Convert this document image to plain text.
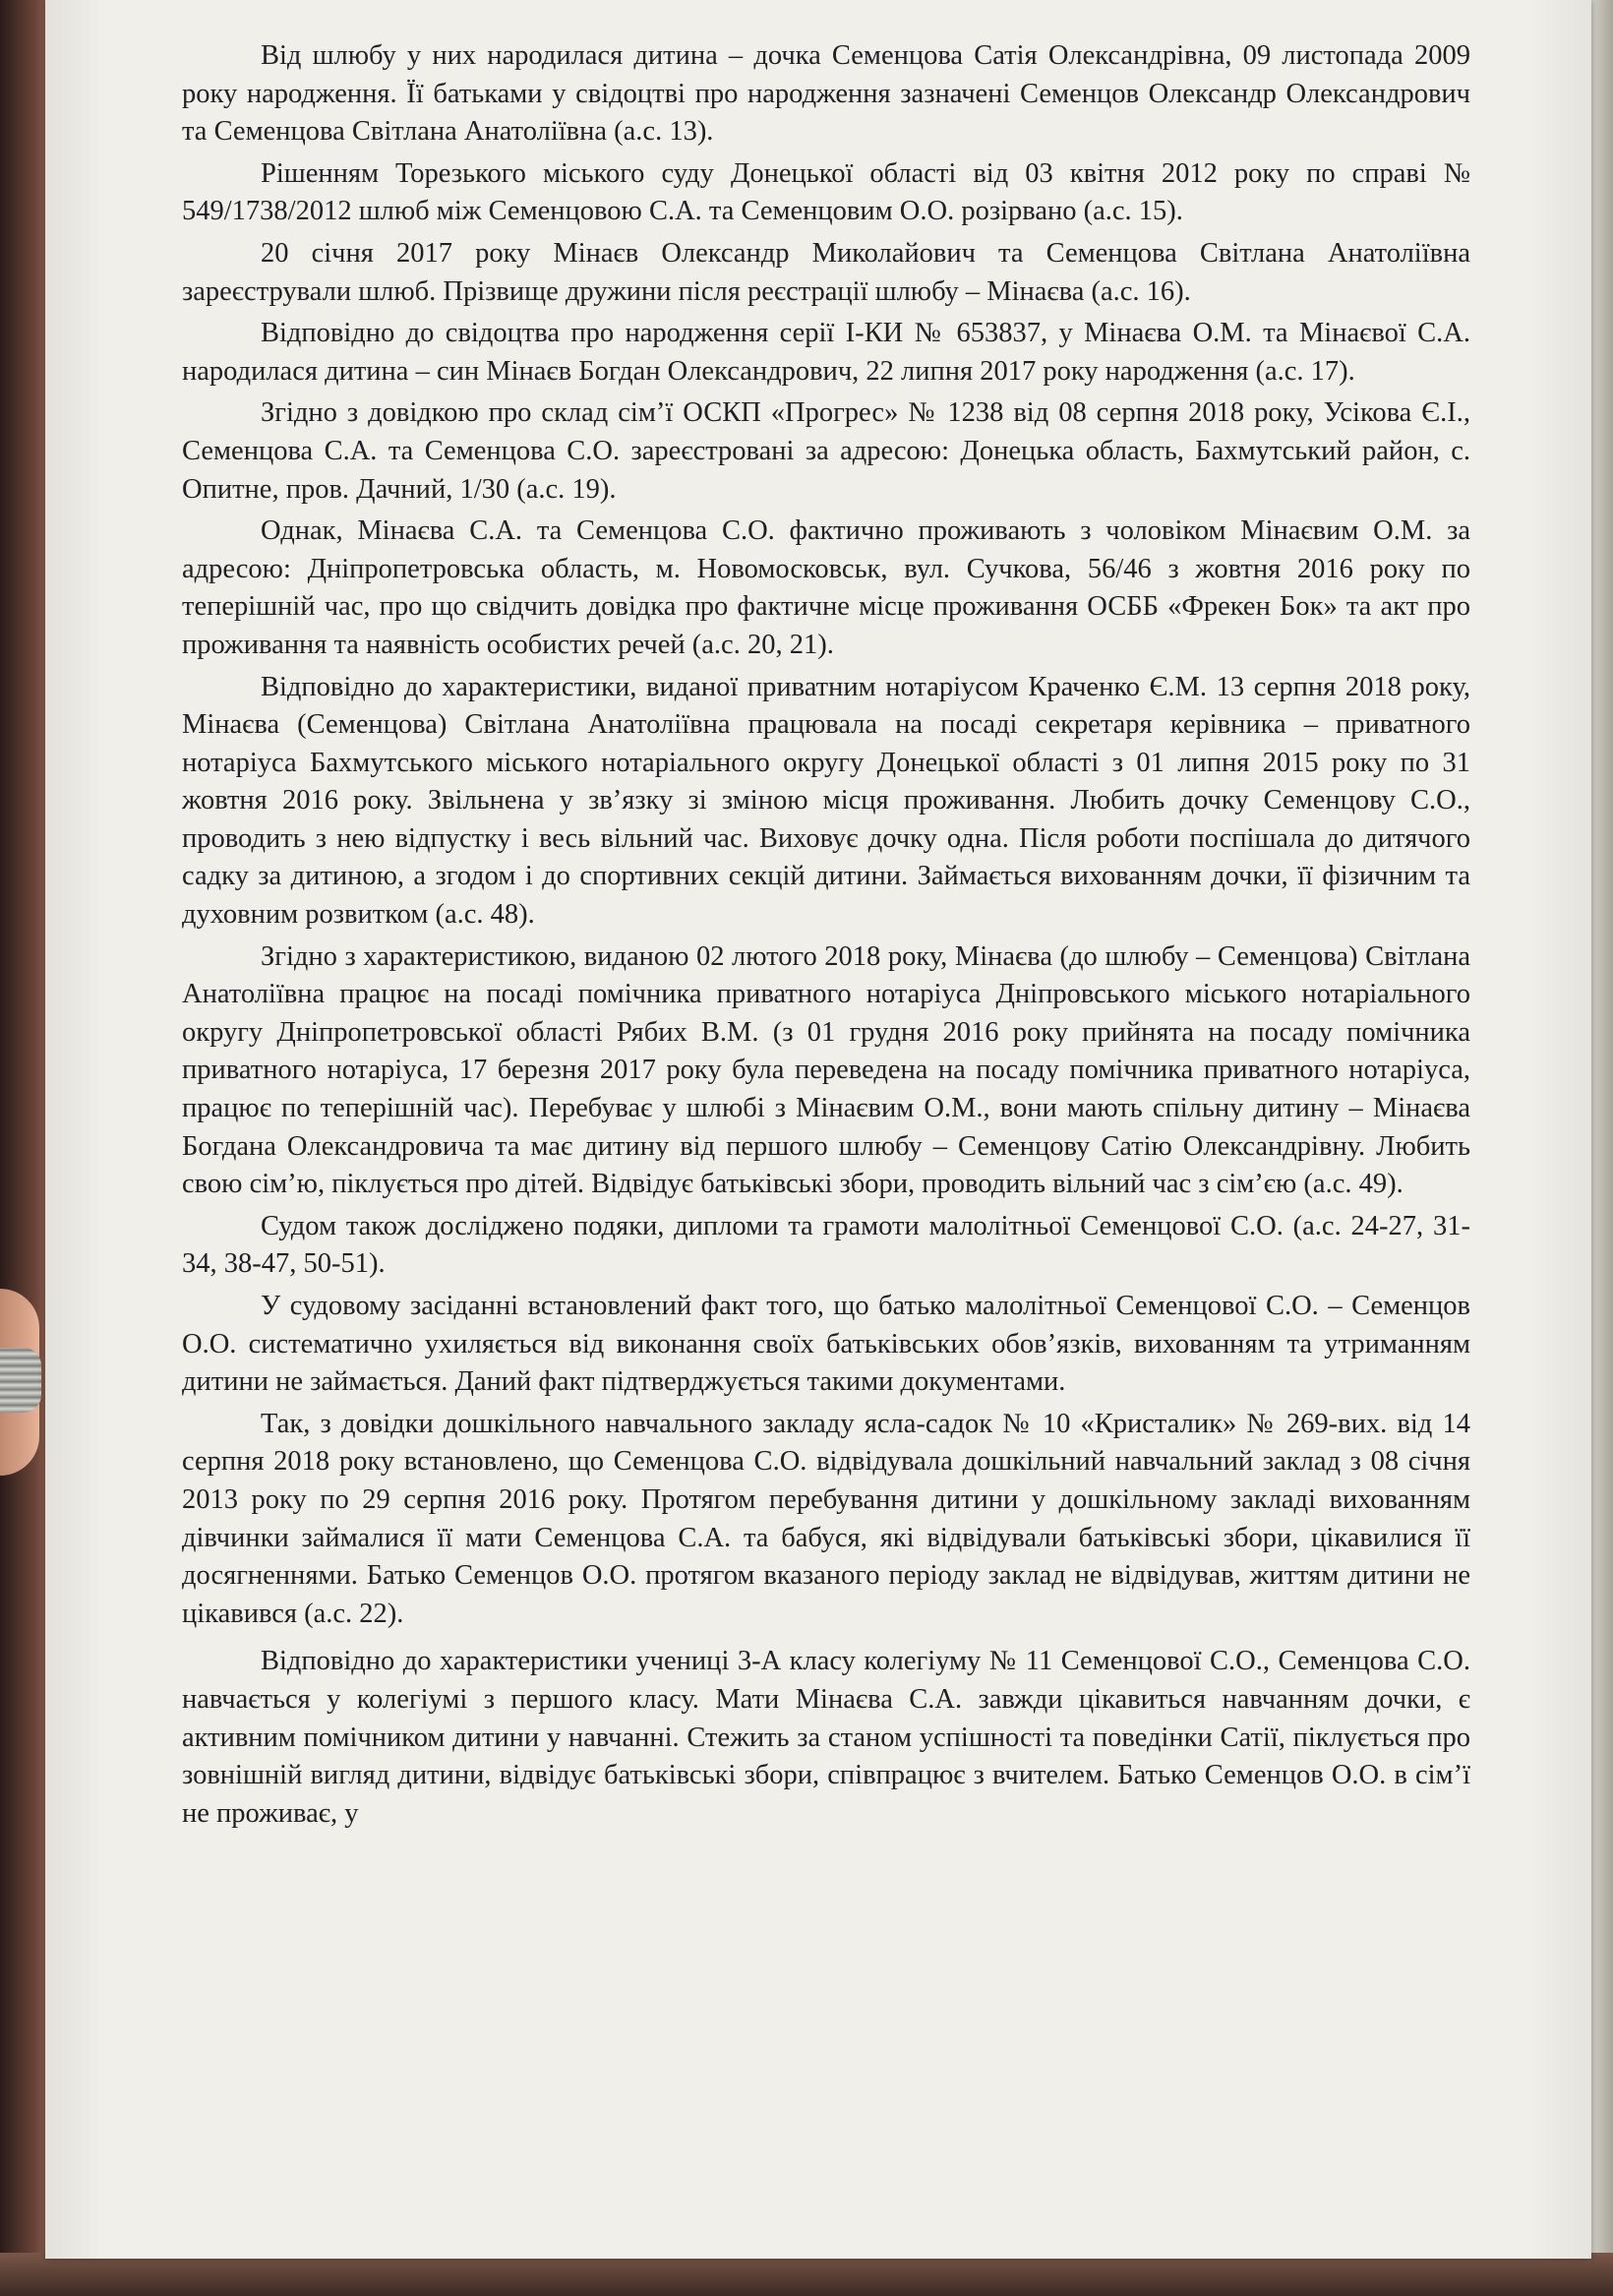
Від шлюбу у них народилася дитина – дочка Семенцова Сатія Олександрівна, 09 листопада 2009 року народження. Її батьками у свідоцтві про народження зазначені Семенцов Олександр Олександрович та Семенцова Світлана Анатоліївна (а.с. 13).

Рішенням Торезького міського суду Донецької області від 03 квітня 2012 року по справі № 549/1738/2012 шлюб між Семенцовою С.А. та Семенцовим О.О. розірвано (а.с. 15).

20 січня 2017 року Мінаєв Олександр Миколайович та Семенцова Світлана Анатоліївна зареєстрували шлюб. Прізвище дружини після реєстрації шлюбу – Мінаєва (а.с. 16).

Відповідно до свідоцтва про народження серії І-КИ № 653837, у Мінаєва О.М. та Мінаєвої С.А. народилася дитина – син Мінаєв Богдан Олександрович, 22 липня 2017 року народження (а.с. 17).

Згідно з довідкою про склад сім’ї ОСКП «Прогрес» № 1238 від 08 серпня 2018 року, Усікова Є.І., Семенцова С.А. та Семенцова С.О. зареєстровані за адресою: Донецька область, Бахмутський район, с. Опитне, пров. Дачний, 1/30 (а.с. 19).

Однак, Мінаєва С.А. та Семенцова С.О. фактично проживають з чоловіком Мінаєвим О.М. за адресою: Дніпропетровська область, м. Новомосковськ, вул. Сучкова, 56/46 з жовтня 2016 року по теперішній час, про що свідчить довідка про фактичне місце проживання ОСББ «Фрекен Бок» та акт про проживання та наявність особистих речей (а.с. 20, 21).

Відповідно до характеристики, виданої приватним нотаріусом Краченко Є.М. 13 серпня 2018 року, Мінаєва (Семенцова) Світлана Анатоліївна працювала на посаді секретаря керівника – приватного нотаріуса Бахмутського міського нотаріального округу Донецької області з 01 липня 2015 року по 31 жовтня 2016 року. Звільнена у зв’язку зі зміною місця проживання. Любить дочку Семенцову С.О., проводить з нею відпустку і весь вільний час. Виховує дочку одна. Після роботи поспішала до дитячого садку за дитиною, а згодом і до спортивних секцій дитини. Займається вихованням дочки, її фізичним та духовним розвитком (а.с. 48).

Згідно з характеристикою, виданою 02 лютого 2018 року, Мінаєва (до шлюбу – Семенцова) Світлана Анатоліївна працює на посаді помічника приватного нотаріуса Дніпровського міського нотаріального округу Дніпропетровської області Рябих В.М. (з 01 грудня 2016 року прийнята на посаду помічника приватного нотаріуса, 17 березня 2017 року була переведена на посаду помічника приватного нотаріуса, працює по теперішній час). Перебуває у шлюбі з Мінаєвим О.М., вони мають спільну дитину – Мінаєва Богдана Олександровича та має дитину від першого шлюбу – Семенцову Сатію Олександрівну. Любить свою сім’ю, піклується про дітей. Відвідує батьківські збори, проводить вільний час з сім’єю (а.с. 49).

Судом також досліджено подяки, дипломи та грамоти малолітньої Семенцової С.О. (а.с. 24-27, 31-34, 38-47, 50-51).

У судовому засіданні встановлений факт того, що батько малолітньої Семенцової С.О. – Семенцов О.О. систематично ухиляється від виконання своїх батьківських обов’язків, вихованням та утриманням дитини не займається. Даний факт підтверджується такими документами.

Так, з довідки дошкільного навчального закладу ясла-садок № 10 «Кристалик» № 269-вих. від 14 серпня 2018 року встановлено, що Семенцова С.О. відвідувала дошкільний навчальний заклад з 08 січня 2013 року по 29 серпня 2016 року. Протягом перебування дитини у дошкільному закладі вихованням дівчинки займалися її мати Семенцова С.А. та бабуся, які відвідували батьківські збори, цікавилися її досягненнями. Батько Семенцов О.О. протягом вказаного періоду заклад не відвідував, життям дитини не цікавився (а.с. 22).

Відповідно до характеристики учениці 3-А класу колегіуму № 11 Семенцової С.О., Семенцова С.О. навчається у колегіумі з першого класу. Мати Мінаєва С.А. завжди цікавиться навчанням дочки, є активним помічником дитини у навчанні. Стежить за станом успішності та поведінки Сатії, піклується про зовнішній вигляд дитини, відвідує батьківські збори, співпрацює з вчителем. Батько Семенцов О.О. в сім’ї не проживає, у
